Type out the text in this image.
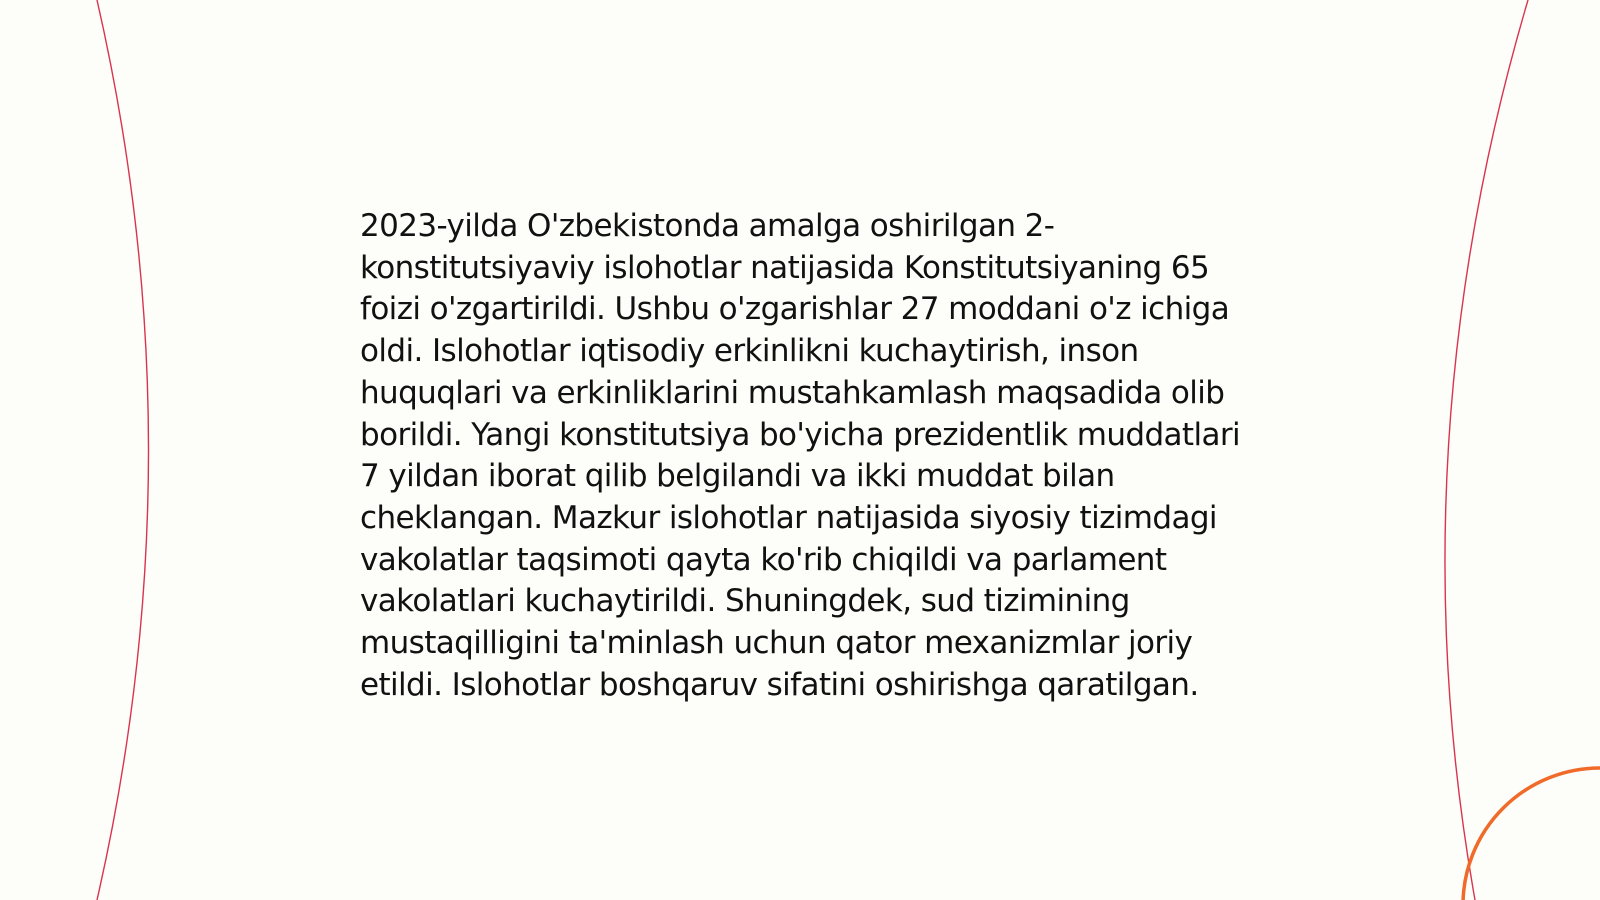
2023-yilda O'zbekistonda amalga oshirilgan 2-konstitutsiyaviy islohotlar natijasida Konstitutsiyaning 65 foizi o'zgartirildi. Ushbu o'zgarishlar 27 moddani o'z ichiga oldi. Islohotlar iqtisodiy erkinlikni kuchaytirish, inson huquqlari va erkinliklarini mustahkamlash maqsadida olib borildi. Yangi konstitutsiya bo'yicha prezidentlik muddatlari 7 yildan iborat qilib belgilandi va ikki muddat bilan cheklangan. Mazkur islohotlar natijasida siyosiy tizimdagi vakolatlar taqsimoti qayta ko'rib chiqildi va parlament vakolatlari kuchaytirildi. Shuningdek, sud tizimining mustaqilligini ta'minlash uchun qator mexanizmlar joriy etildi. Islohotlar boshqaruv sifatini oshirishga qaratilgan.
